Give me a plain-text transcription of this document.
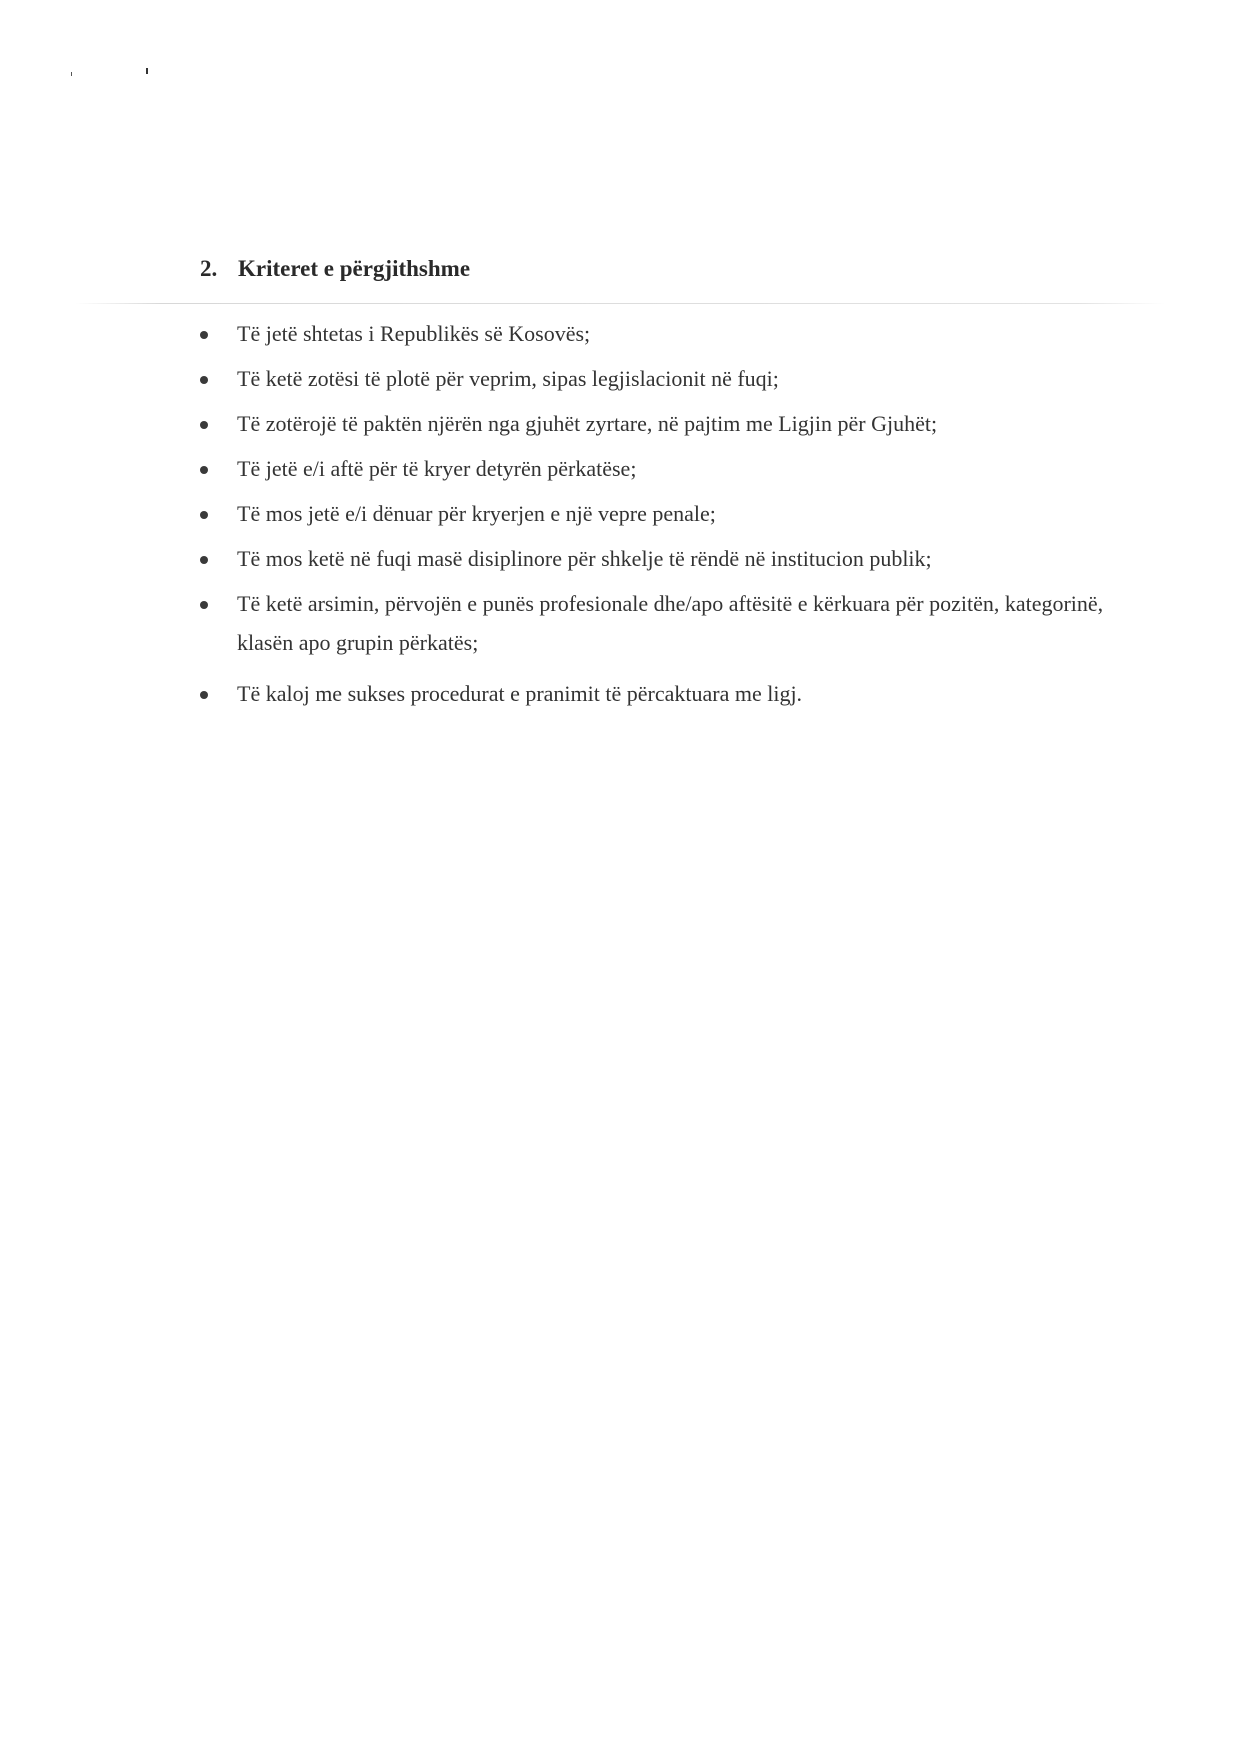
2. Kriteret e përgjithshme
Të jetë shtetas i Republikës së Kosovës;
Të ketë zotësi të plotë për veprim, sipas legjislacionit në fuqi;
Të zotërojë të paktën njërën nga gjuhët zyrtare, në pajtim me Ligjin për Gjuhët;
Të jetë e/i aftë për të kryer detyrën përkatëse;
Të mos jetë e/i dënuar për kryerjen e një vepre penale;
Të mos ketë në fuqi masë disiplinore për shkelje të rëndë në institucion publik;
Të ketë arsimin, përvojën e punës profesionale dhe/apo aftësitë e kërkuara për pozitën, kategorinë, klasën apo grupin përkatës;
Të kaloj me sukses procedurat e pranimit të përcaktuara me ligj.
